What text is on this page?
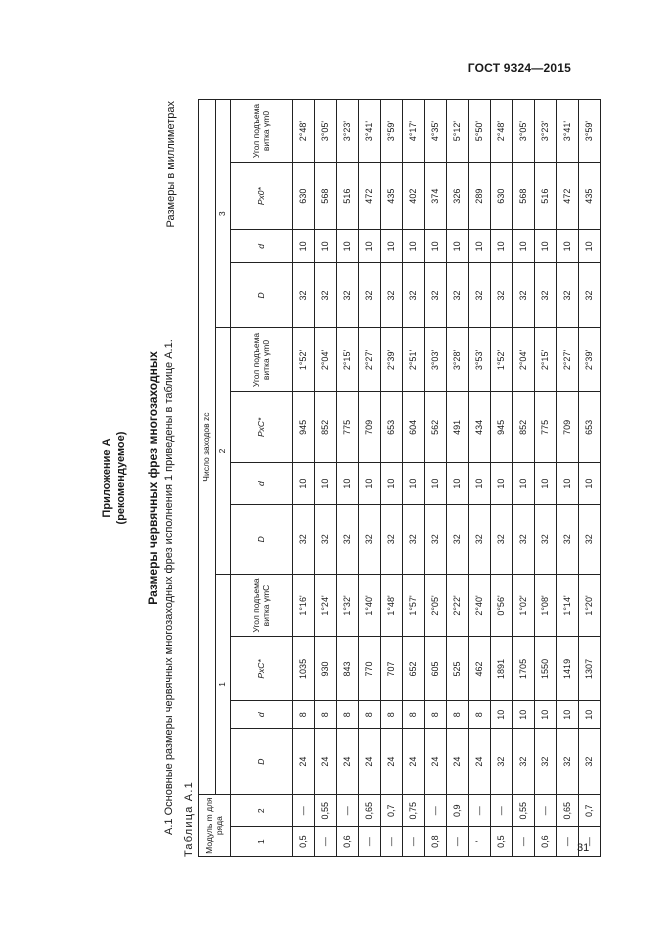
ГОСТ 9324—2015
Приложение А (рекомендуемое) Размеры червячных фрез многозаходных А.1 Основные размеры червячных многозаходных фрез исполнения 1 приведены в таблице А.1.
Размеры в миллиметрах
Таблица А.1 Модуль m для ряда		Число заходов zc											
		1				2				3			
1	2	D	d	PxC*	Угол подъема витка γmC	D	d	PxC*	Угол подъема витка γm0	D	d	Px0*	Угол подъема витка γm0
0,5	—	24	8	1035	1°16'	32	10	945	1°52'	32	10	630	2°48'
—	0,55	24	8	930	1°24'	32	10	852	2°04'	32	10	568	3°05'
0,6	—	24	8	843	1°32'	32	10	775	2°15'	32	10	516	3°23'
—	0,65	24	8	770	1°40'	32	10	709	2°27'	32	10	472	3°41'
—	0,7	24	8	707	1°48'	32	10	653	2°39'	32	10	435	3°59'
—	0,75	24	8	652	1°57'	32	10	604	2°51'	32	10	402	4°17'
0,8	—	24	8	605	2°05'	32	10	562	3°03'	32	10	374	4°35'
—	0,9	24	8	525	2°22'	32	10	491	3°28'	32	10	326	5°12'
'	—	24	8	462	2°40'	32	10	434	3°53'	32	10	289	5°50'
0,5	—	32	10	1891	0°56'	32	10	945	1°52'	32	10	630	2°48'
—	0,55	32	10	1705	1°02'	32	10	852	2°04'	32	10	568	3°05'
0,6	—	32	10	1550	1°08'	32	10	775	2°15'	32	10	516	3°23'
—	0,65	32	10	1419	1°14'	32	10	709	2°27'	32	10	472	3°41'
—	0,7	32	10	1307	1°20'	32	10	653	2°39'	32	10	435	3°59'
31
